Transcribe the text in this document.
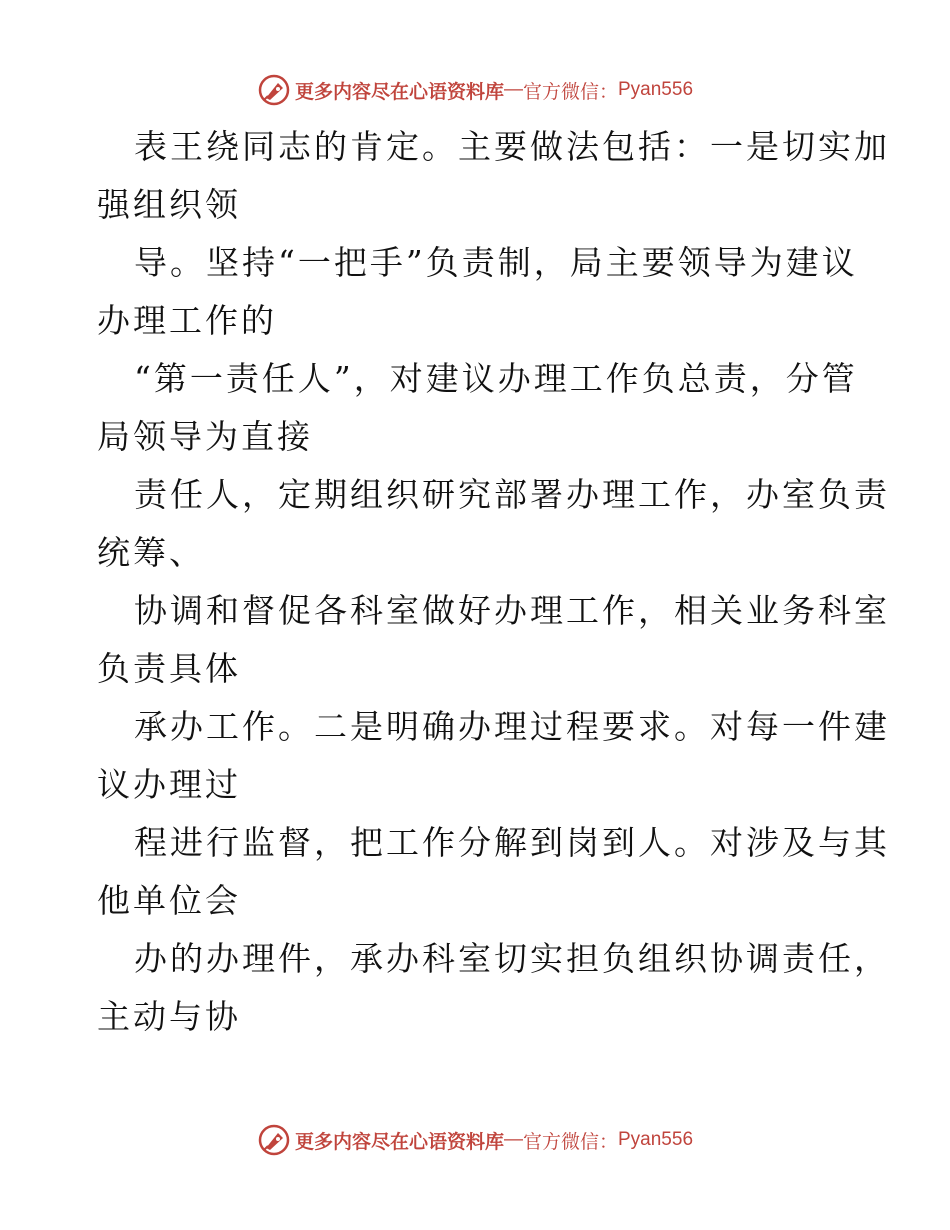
更多内容尽在心语资料库 — 官方微信： Pyan556
表王绕同志的肯定。主要做法包括：一是切实加
强组织领
导。坚持“一把手”负责制，局主要领导为建议
办理工作的
“第一责任人”，对建议办理工作负总责，分管
局领导为直接
责任人，定期组织研究部署办理工作，办室负责
统筹、
协调和督促各科室做好办理工作，相关业务科室
负责具体
承办工作。二是明确办理过程要求。对每一件建
议办理过
程进行监督，把工作分解到岗到人。对涉及与其
他单位会
办的办理件，承办科室切实担负组织协调责任，
主动与协
更多内容尽在心语资料库 — 官方微信： Pyan556
